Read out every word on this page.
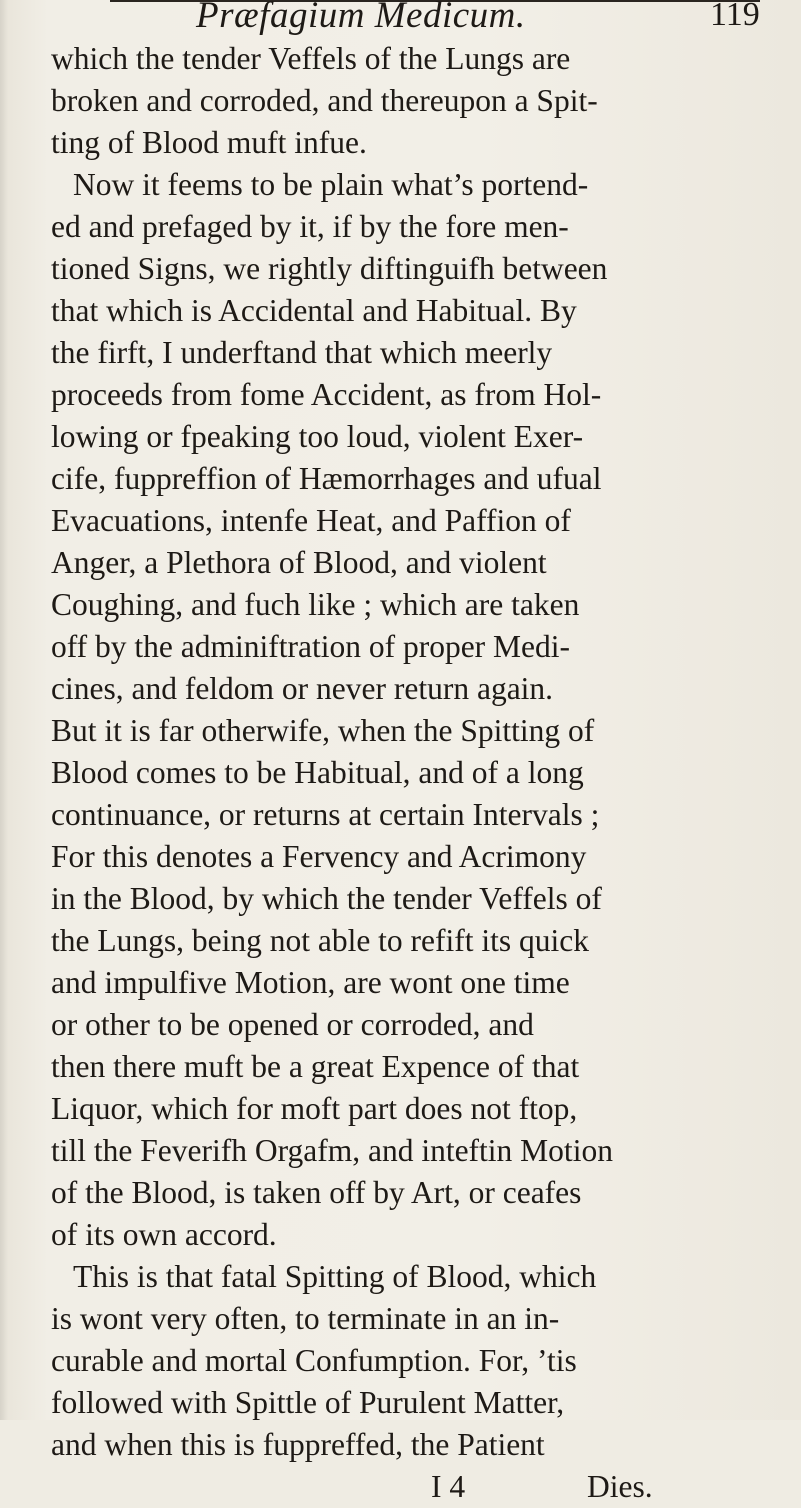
Præfagium Medicum.	119
which the tender Veffels of the Lungs are
broken and corroded, and thereupon a Spit-
ting of Blood muft infue.
Now it feems to be plain what’s portend-
ed and prefaged by it, if by the fore men-
tioned Signs, we rightly diftinguifh between
that which is Accidental and Habitual. By
the firft, I underftand that which meerly
proceeds from fome Accident, as from Hol-
lowing or fpeaking too loud, violent Exer-
cife, fuppreffion of Hæmorrhages and ufual
Evacuations, intenfe Heat, and Paffion of
Anger, a Plethora of Blood, and violent
Coughing, and fuch like ; which are taken
off by the adminiftration of proper Medi-
cines, and feldom or never return again.
But it is far otherwife, when the Spitting of
Blood comes to be Habitual, and of a long
continuance, or returns at certain Intervals ;
For this denotes a Fervency and Acrimony
in the Blood, by which the tender Veffels of
the Lungs, being not able to refift its quick
and impulfive Motion, are wont one time
or other to be opened or corroded, and
then there muft be a great Expence of that
Liquor, which for moft part does not ftop,
till the Feverifh Orgafm, and inteftin Motion
of the Blood, is taken off by Art, or ceafes
of its own accord.
This is that fatal Spitting of Blood, which
is wont very often, to terminate in an in-
curable and mortal Confumption. For, ’tis
followed with Spittle of Purulent Matter,
and when this is fuppreffed, the Patient
I 4	Dies.
